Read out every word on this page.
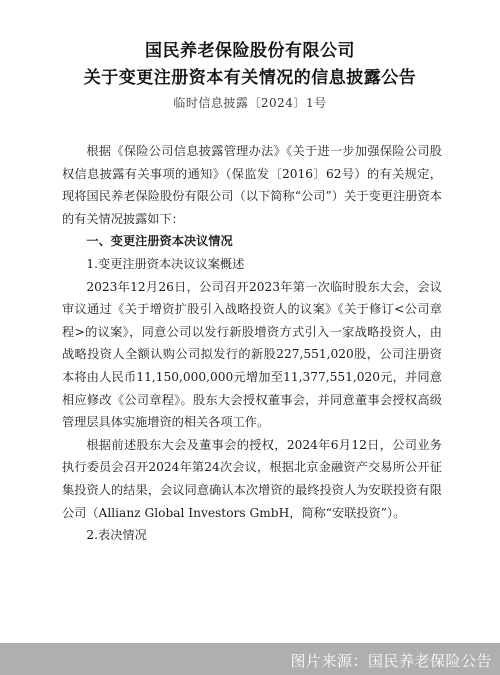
国民养老保险股份有限公司
关于变更注册资本有关情况的信息披露公告
临时信息披露〔2024〕1号

根据《保险公司信息披露管理办法》《关于进一步加强保险公司股权信息披露有关事项的通知》（保监发〔2016〕62号）的有关规定，现将国民养老保险股份有限公司（以下简称“公司”）关于变更注册资本的有关情况披露如下：

一、变更注册资本决议情况

1.变更注册资本决议议案概述

2023年12月26日，公司召开2023年第一次临时股东大会，会议审议通过《关于增资扩股引入战略投资人的议案》《关于修订<公司章程>的议案》，同意公司以发行新股增资方式引入一家战略投资人，由战略投资人全额认购公司拟发行的新股227,551,020股，公司注册资本将由人民币11,150,000,000元增加至11,377,551,020元，并同意相应修改《公司章程》。股东大会授权董事会，并同意董事会授权高级管理层具体实施增资的相关各项工作。

根据前述股东大会及董事会的授权，2024年6月12日，公司业务执行委员会召开2024年第24次会议，根据北京金融资产交易所公开征集投资人的结果，会议同意确认本次增资的最终投资人为安联投资有限公司（Allianz Global Investors GmbH，简称“安联投资”）。

2.表决情况

图片来源：国民养老保险公告
